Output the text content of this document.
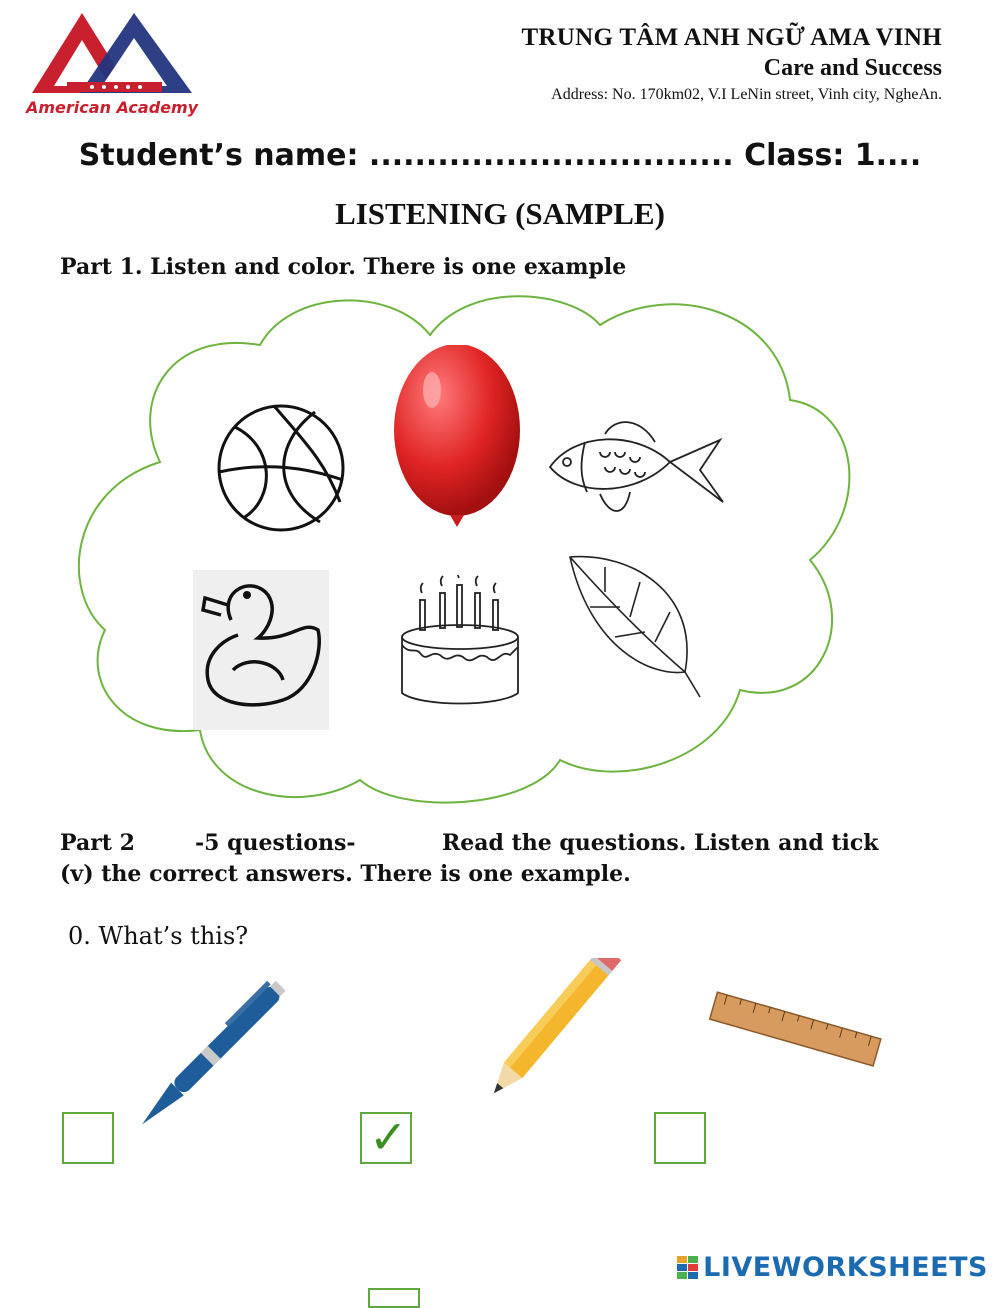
American Academy
TRUNG TÂM ANH NGỮ AMA VINH
Care and Success
Address: No. 170km02, V.I LeNin street, Vinh city, NgheAn.
Student’s name: ................................ Class: 1....
LISTENING (SAMPLE)
Part 1. Listen and color. There is one example
Part 2	-5 questions-	Read the questions. Listen and tick
(v) the correct answers. There is one example.
0. What’s this?
✓
LIVEWORKSHEETS
